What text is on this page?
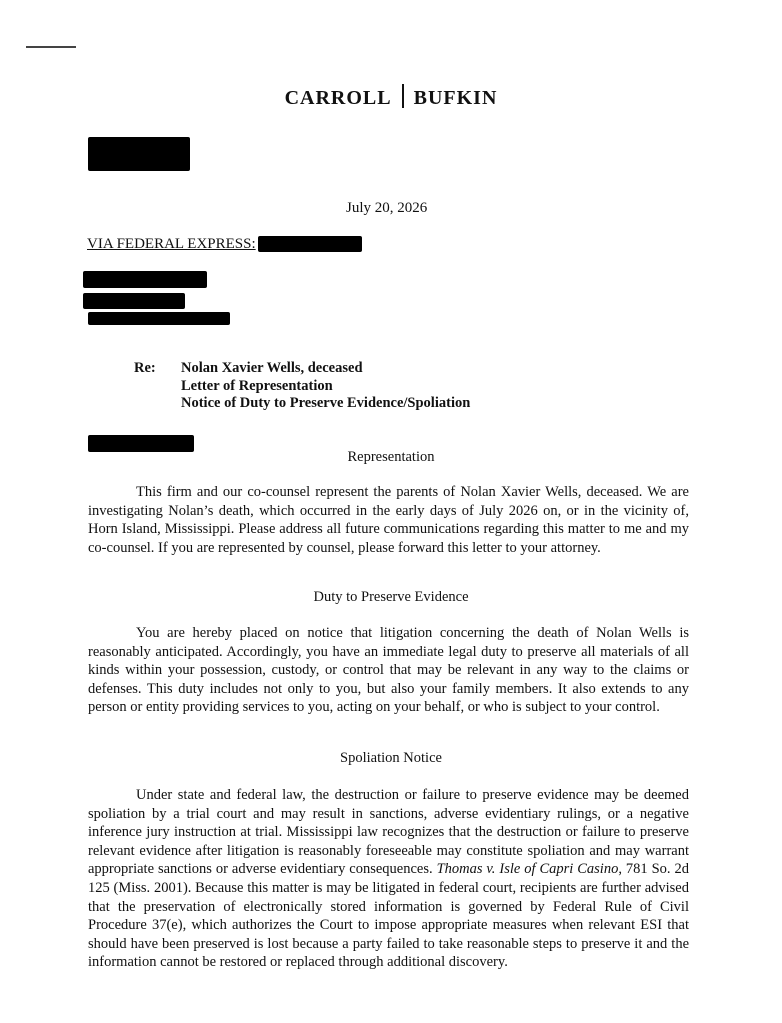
CARROLL BUFKIN
July 20, 2026
VIA FEDERAL EXPRESS:
Re: Nolan Xavier Wells, deceased
Letter of Representation
Notice of Duty to Preserve Evidence/Spoliation
Representation

This firm and our co-counsel represent the parents of Nolan Xavier Wells, deceased. We are investigating Nolan’s death, which occurred in the early days of July 2026 on, or in the vicinity of, Horn Island, Mississippi. Please address all future communications regarding this matter to me and my co-counsel. If you are represented by counsel, please forward this letter to your attorney.

Duty to Preserve Evidence

You are hereby placed on notice that litigation concerning the death of Nolan Wells is reasonably anticipated. Accordingly, you have an immediate legal duty to preserve all materials of all kinds within your possession, custody, or control that may be relevant in any way to the claims or defenses. This duty includes not only to you, but also your family members. It also extends to any person or entity providing services to you, acting on your behalf, or who is subject to your control.

Spoliation Notice

Under state and federal law, the destruction or failure to preserve evidence may be deemed spoliation by a trial court and may result in sanctions, adverse evidentiary rulings, or a negative inference jury instruction at trial. Mississippi law recognizes that the destruction or failure to preserve relevant evidence after litigation is reasonably foreseeable may constitute spoliation and may warrant appropriate sanctions or adverse evidentiary consequences. Thomas v. Isle of Capri Casino, 781 So. 2d 125 (Miss. 2001). Because this matter is may be litigated in federal court, recipients are further advised that the preservation of electronically stored information is governed by Federal Rule of Civil Procedure 37(e), which authorizes the Court to impose appropriate measures when relevant ESI that should have been preserved is lost because a party failed to take reasonable steps to preserve it and the information cannot be restored or replaced through additional discovery.
